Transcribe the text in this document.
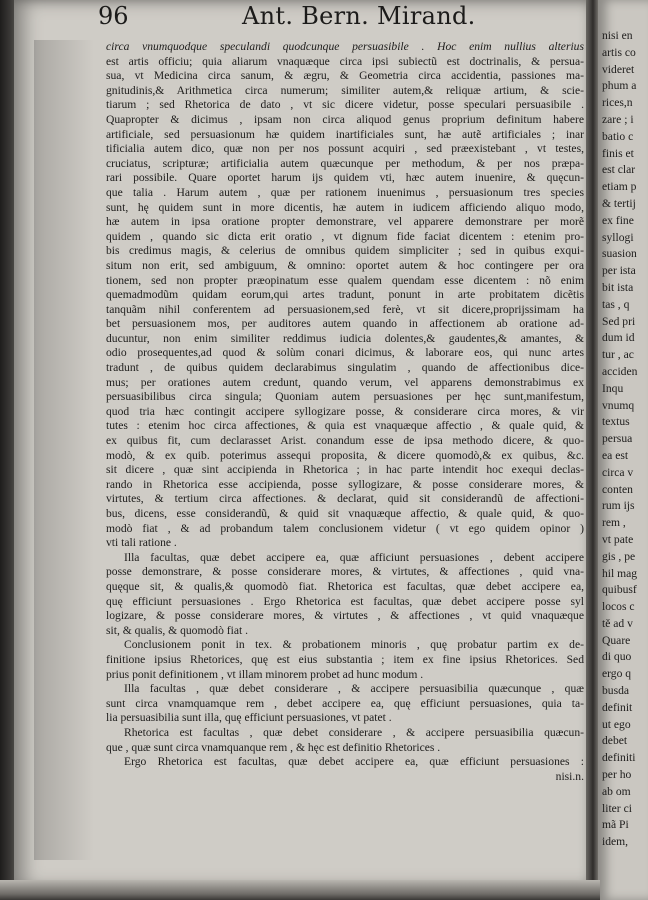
96	Ant. Bern. Mirand.
circa vnumquodque speculandi quodcunque persuasibile . Hoc enim nullius alterius
est artis officiu; quia aliarum vnaquæque circa ipsi subiectũ est doctrinalis, & persua-
sua, vt Medicina circa sanum, & ægru, & Geometria circa accidentia, passiones ma-
gnitudinis,& Arithmetica circa numerum; similiter autem,& reliquæ artium, & scie-
tiarum ; sed Rhetorica de dato , vt sic dicere videtur, posse speculari persuasibile .
Quapropter & dicimus , ipsam non circa aliquod genus proprium definitum habere
artificiale, sed persuasionum hæ quidem inartificiales sunt, hæ autẽ artificiales ; inar
tificialia autem dico, quæ non per nos possunt acquiri , sed præexistebant , vt testes,
cruciatus, scripturæ; artificialia autem quæcunque per methodum, & per nos præpa-
rari possibile. Quare oportet harum ijs quidem vti, hæc autem inuenire, & quęcun-
que talia . Harum autem , quæ per rationem inuenimus , persuasionum tres species
sunt, hę quidem sunt in more dicentis, hæ autem in iudicem afficiendo aliquo modo,
hæ autem in ipsa oratione propter demonstrare, vel apparere demonstrare per morẽ
quidem , quando sic dicta erit oratio , vt dignum fide faciat dicentem : etenim pro-
bis credimus magis, & celerius de omnibus quidem simpliciter ; sed in quibus exqui-
situm non erit, sed ambiguum, & omnino: oportet autem & hoc contingere per ora
tionem, sed non propter præopinatum esse qualem quendam esse dicentem : nõ enim
quemadmodũm quidam eorum,qui artes tradunt, ponunt in arte probitatem dicẽtis
tanquãm nihil conferentem ad persuasionem,sed ferè, vt sit dicere,proprijssimam ha
bet persuasionem mos, per auditores autem quando in affectionem ab oratione ad-
ducuntur, non enim similiter reddimus iudicia dolentes,& gaudentes,& amantes, &
odio prosequentes,ad quod & solùm conari dicimus, & laborare eos, qui nunc artes
tradunt , de quibus quidem declarabimus singulatim , quando de affectionibus dice-
mus; per orationes autem credunt, quando verum, vel apparens demonstrabimus ex
persuasibilibus circa singula; Quoniam autem persuasiones per hęc sunt,manifestum,
quod tria hæc contingit accipere syllogizare posse, & considerare circa mores, & vir
tutes : etenim hoc circa affectiones, & quia est vnaquæque affectio , & quale quid, &
ex quibus fit, cum declarasset Arist. conandum esse de ipsa methodo dicere, & quo-
modò, & ex quib. poterimus assequi proposita, & dicere quomodò,& ex quibus, &c.
sit dicere , quæ sint accipienda in Rhetorica ; in hac parte intendit hoc exequi declas-
rando in Rhetorica esse accipienda, posse syllogizare, & posse considerare mores, &
virtutes, & tertium circa affectiones. & declarat, quid sit considerandũ de affectioni-
bus, dicens, esse considerandũ, & quid sit vnaquæque affectio, & quale quid, & quo-
modò fiat , & ad probandum talem conclusionem videtur ( vt ego quidem opinor )
vti tali ratione .
Illa facultas, quæ debet accipere ea, quæ afficiunt persuasiones , debent accipere
posse demonstrare, & posse considerare mores, & virtutes, & affectiones , quid vna-
quęque sit, & qualis,& quomodò fiat. Rhetorica est facultas, quæ debet accipere ea,
quę efficiunt persuasiones . Ergo Rhetorica est facultas, quæ debet accipere posse syl
logizare, & posse considerare mores, & virtutes , & affectiones , vt quid vnaquæque
sit, & qualis, & quomodò fiat .
Conclusionem ponit in tex. & probationem minoris , quę probatur partim ex de-
finitione ipsius Rhetorices, quę est eius substantia ; item ex fine ipsius Rhetorices. Sed
prius ponit definitionem , vt illam minorem probet ad hunc modum .
Illa facultas , quæ debet considerare , & accipere persuasibilia quæcunque , quæ
sunt circa vnamquamque rem , debet accipere ea, quę efficiunt persuasiones, quia ta-
lia persuasibilia sunt illa, quę efficiunt persuasiones, vt patet .
Rhetorica est facultas , quæ debet considerare , & accipere persuasibilia quæcun-
que , quæ sunt circa vnamquanque rem , & hęc est definitio Rhetorices .
Ergo Rhetorica est facultas, quæ debet accipere ea, quæ efficiunt persuasiones :
nisi.n.
nisi en
artis co
videret
phum a
rices,n
zare ; i
batio c
finis et
est clar
etiam p
& tertij
ex fine
syllogi
suasion
per ista
bit ista
tas , q
Sed pri
dum id
tur , ac
acciden
Inqu
vnumq
textus
persua
ea est
circa v
conten
rum ijs
rem ,
vt pate
gis , pe
hil mag
quibusf
locos c
tě ad v
Quare
di quo
ergo q
busda
definit
ut ego
debet
definiti
per ho
ab om
liter ci
mã Pi
idem,
